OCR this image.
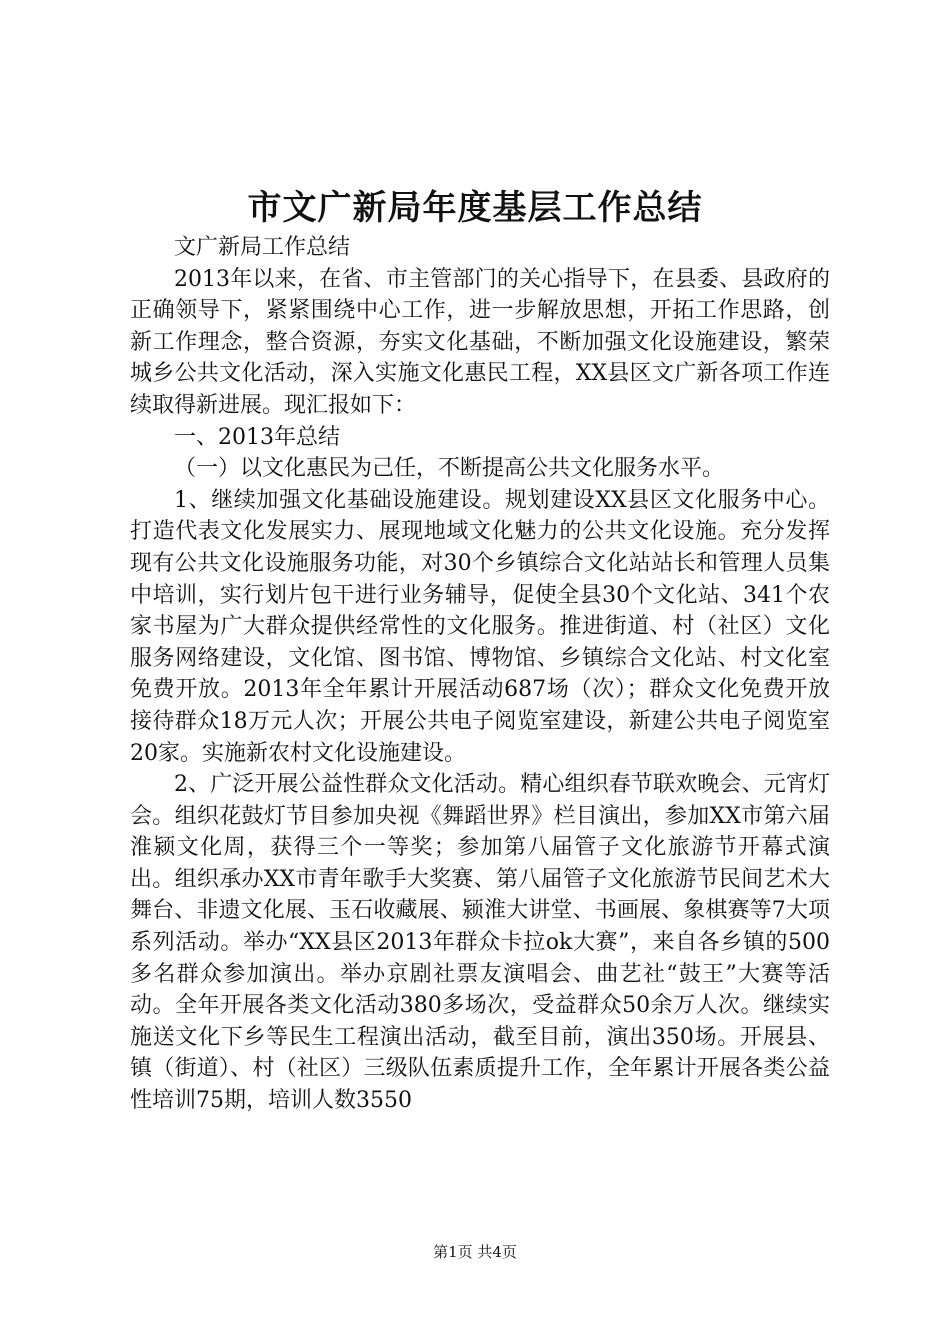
市文广新局年度基层工作总结

文广新局工作总结

2013年以来，在省、市主管部门的关心指导下，在县委、县政府的正确领导下，紧紧围绕中心工作，进一步解放思想，开拓工作思路，创新工作理念，整合资源，夯实文化基础，不断加强文化设施建设，繁荣城乡公共文化活动，深入实施文化惠民工程，XX县区文广新各项工作连续取得新进展。现汇报如下：

一、2013年总结

（一）以文化惠民为己任，不断提高公共文化服务水平。

1、继续加强文化基础设施建设。规划建设XX县区文化服务中心。打造代表文化发展实力、展现地域文化魅力的公共文化设施。充分发挥现有公共文化设施服务功能，对30个乡镇综合文化站站长和管理人员集中培训，实行划片包干进行业务辅导，促使全县30个文化站、341个农家书屋为广大群众提供经常性的文化服务。推进街道、村（社区）文化服务网络建设，文化馆、图书馆、博物馆、乡镇综合文化站、村文化室免费开放。2013年全年累计开展活动687场（次）；群众文化免费开放接待群众18万元人次；开展公共电子阅览室建设，新建公共电子阅览室20家。实施新农村文化设施建设。

2、广泛开展公益性群众文化活动。精心组织春节联欢晚会、元宵灯会。组织花鼓灯节目参加央视《舞蹈世界》栏目演出，参加XX市第六届淮颍文化周，获得三个一等奖；参加第八届管子文化旅游节开幕式演出。组织承办XX市青年歌手大奖赛、第八届管子文化旅游节民间艺术大舞台、非遗文化展、玉石收藏展、颍淮大讲堂、书画展、象棋赛等7大项系列活动。举办“XX县区2013年群众卡拉ok大赛”，来自各乡镇的500多名群众参加演出。举办京剧社票友演唱会、曲艺社“鼓王”大赛等活动。全年开展各类文化活动380多场次，受益群众50余万人次。继续实施送文化下乡等民生工程演出活动，截至目前，演出350场。开展县、镇（街道）、村（社区）三级队伍素质提升工作，全年累计开展各类公益性培训75期，培训人数3550

第1页 共4页
